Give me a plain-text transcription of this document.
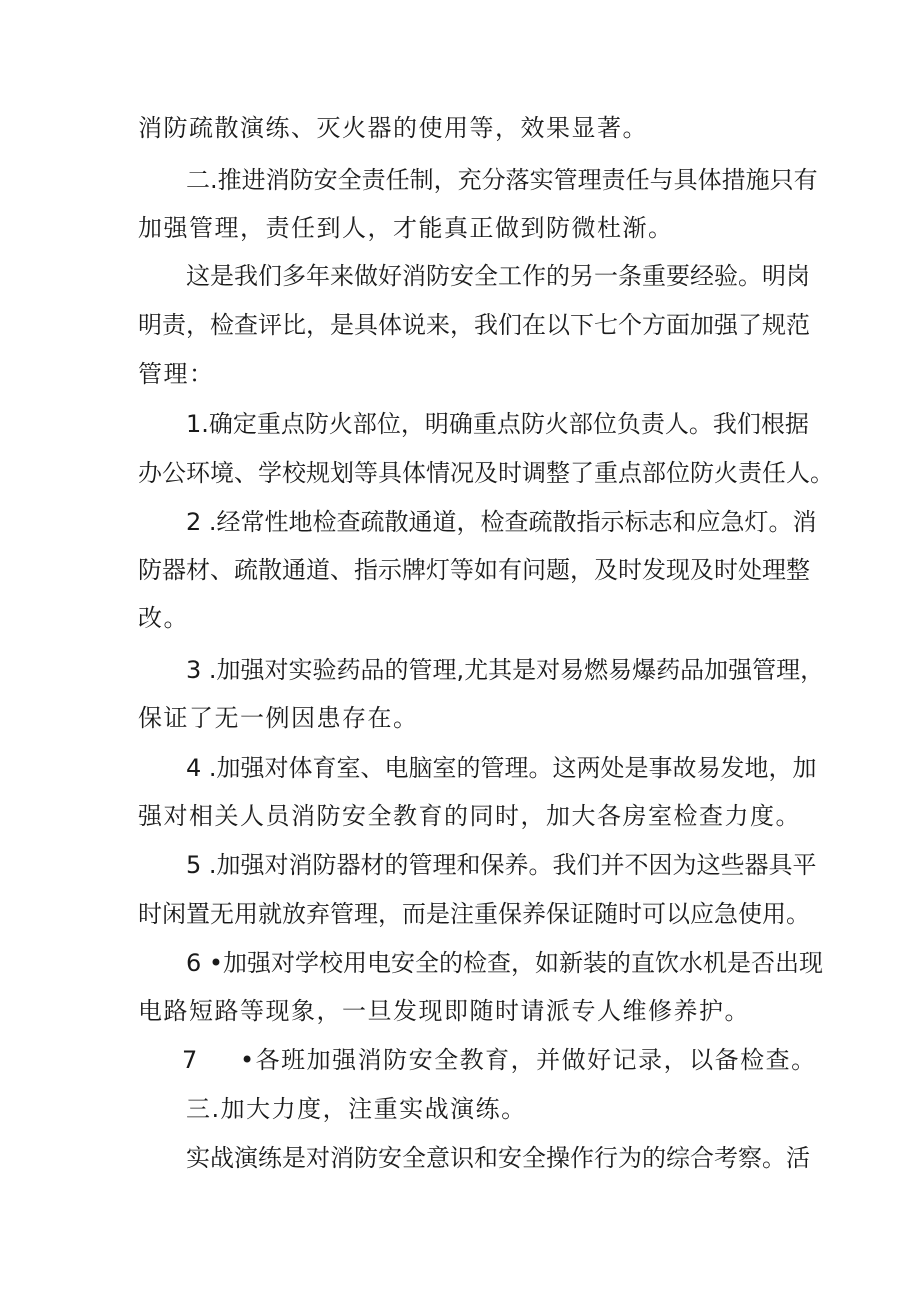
消防疏散演练、灭火器的使用等，效果显著。
二.推进消防安全责任制，充分落实管理责任与具体措施只有
加强管理，责任到人，才能真正做到防微杜渐。
这是我们多年来做好消防安全工作的另一条重要经验。明岗
明责，检查评比，是具体说来，我们在以下七个方面加强了规范
管理：
1.确定重点防火部位，明确重点防火部位负责人。我们根据
办公环境、学校规划等具体情况及时调整了重点部位防火责任人。
2 .经常性地检查疏散通道，检查疏散指示标志和应急灯。消
防器材、疏散通道、指示牌灯等如有问题，及时发现及时处理整
改。
3 .加强对实验药品的管理,尤其是对易燃易爆药品加强管理，
保证了无一例因患存在。
4 .加强对体育室、电脑室的管理。这两处是事故易发地，加
强对相关人员消防安全教育的同时，加大各房室检查力度。
5 .加强对消防器材的管理和保养。我们并不因为这些器具平
时闲置无用就放弃管理，而是注重保养保证随时可以应急使用。
6 •加强对学校用电安全的检查，如新装的直饮水机是否出现
电路短路等现象，一旦发现即随时请派专人维修养护。
7	•各班加强消防安全教育，并做好记录，以备检查。
三.加大力度，注重实战演练。
实战演练是对消防安全意识和安全操作行为的综合考察。活
